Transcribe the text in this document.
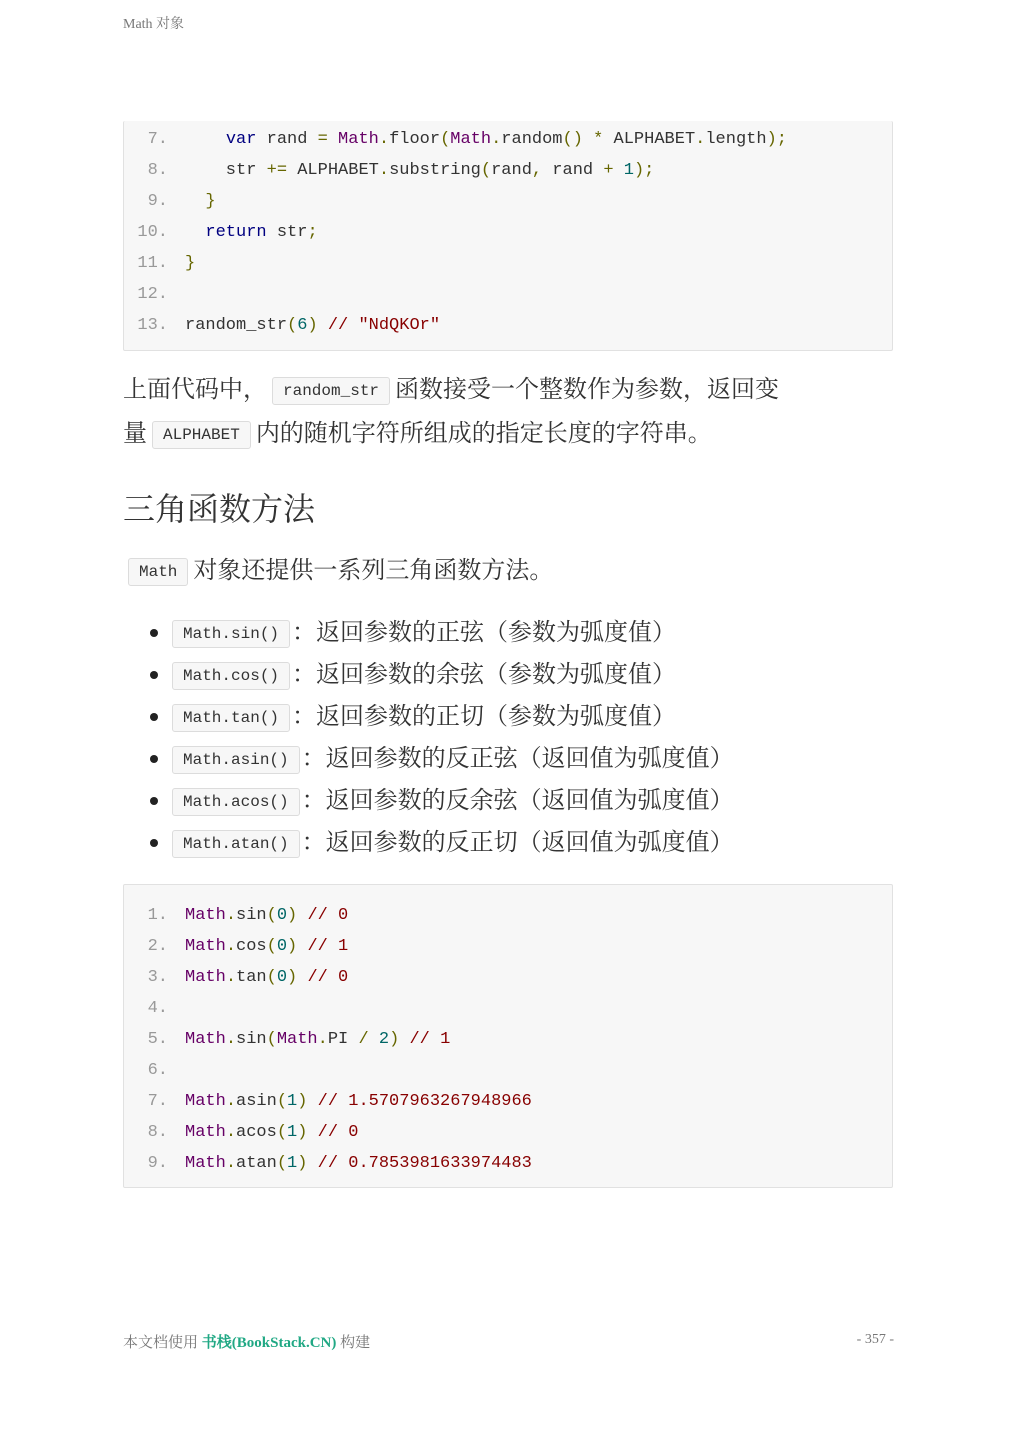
Math 对象
7.	var rand = Math.floor(Math.random() * ALPHABET.length);
8. str += ALPHABET.substring(rand, rand + 1);
9.	}
10.	return str;
11. }
12.
13. random_str(6) // "NdQKOr"
上面代码中， random_str 函数接受一个整数作为参数，返回变
量 ALPHABET 内的随机字符所组成的指定长度的字符串。
三角函数方法
Math 对象还提供一系列三角函数方法。
Math.sin() ：返回参数的正弦（参数为弧度值）
Math.cos() ：返回参数的余弦（参数为弧度值）
Math.tan() ：返回参数的正切（参数为弧度值）
Math.asin() ：返回参数的反正弦（返回值为弧度值）
Math.acos() ：返回参数的反余弦（返回值为弧度值）
Math.atan() ：返回参数的反正切（返回值为弧度值）
1. Math.sin(0) // 0
2. Math.cos(0) // 1
3. Math.tan(0) // 0
4.
5. Math.sin(Math.PI / 2) // 1
6.
7. Math.asin(1) // 1.5707963267948966
8. Math.acos(1) // 0
9. Math.atan(1) // 0.7853981633974483
本文档使用 书栈(BookStack.CN) 构建	- 357 -
